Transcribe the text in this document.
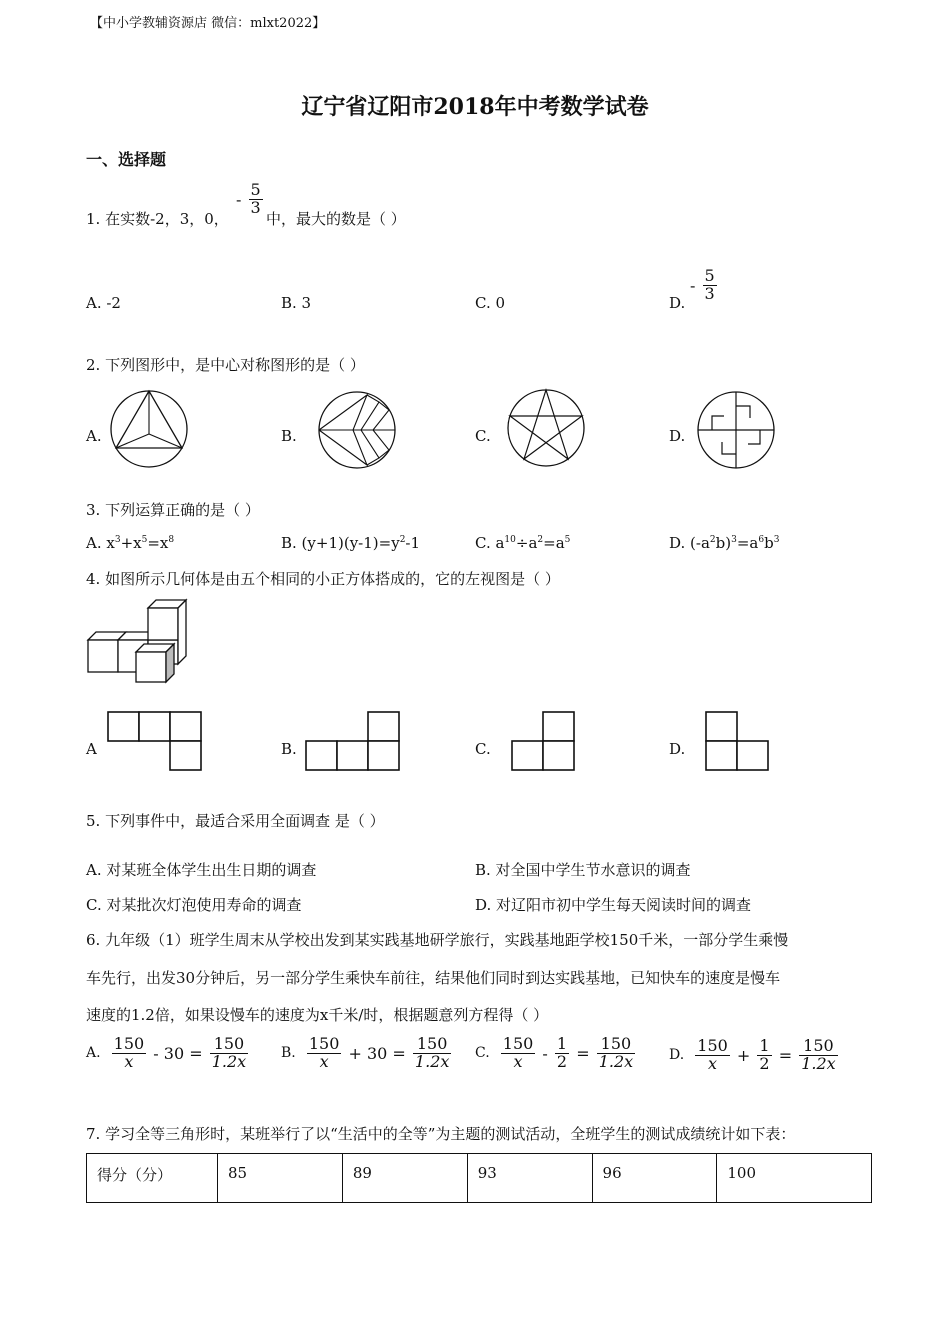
【中小学教辅资源店 微信：mlxt2022】
辽宁省辽阳市2018年中考数学试卷
一、选择题
1. 在实数-2，3，0，
- $\frac{5}{3}$
中，最大的数是（ ）
A. -2	B. 3	C. 0	D.
- $\frac{5}{3}$
2. 下列图形中，是中心对称图形的是（ ）
A.	B.	C.	D.
3. 下列运算正确的是（ ）
A. $x^3+x^5=x^8$	B. $(y+1)(y-1)=y^2-1$	C. $a^{10}\div a^2=a^5$	D. $(-a^2b)^3=a^6b^3$
4. 如图所示几何体是由五个相同的小正方体搭成的，它的左视图是（ ）
A	B.	C.	D.
5. 下列事件中，最适合采用全面调查 是（ ）
A. 对某班全体学生出生日期的调查	B. 对全国中学生节水意识的调查
C. 对某批次灯泡使用寿命的调查	D. 对辽阳市初中学生每天阅读时间的调查
6. 九年级（1）班学生周末从学校出发到某实践基地研学旅行，实践基地距学校150千米，一部分学生乘慢
车先行，出发30分钟后，另一部分学生乘快车前往，结果他们同时到达实践基地，已知快车的速度是慢车
速度的1.2倍，如果设慢车的速度为x千米/时，根据题意列方程得（ ）
A. $\frac{150}{x} - 30 = \frac{150}{1.2x} B$. $\frac{150}{x} + 30 = \frac{150}{1.2x} C$. $\frac{150}{x} - \frac{1}{2} = \frac{150}{1.2x} D$. $\frac{150}{x} + \frac{1}{2} = \frac{150}{1.2x}$
7. 学习全等三角形时，某班举行了以“生活中的全等”为主题的测试活动，全班学生的测试成绩统计如下表：
得分（分）	85	89	93	96	100
